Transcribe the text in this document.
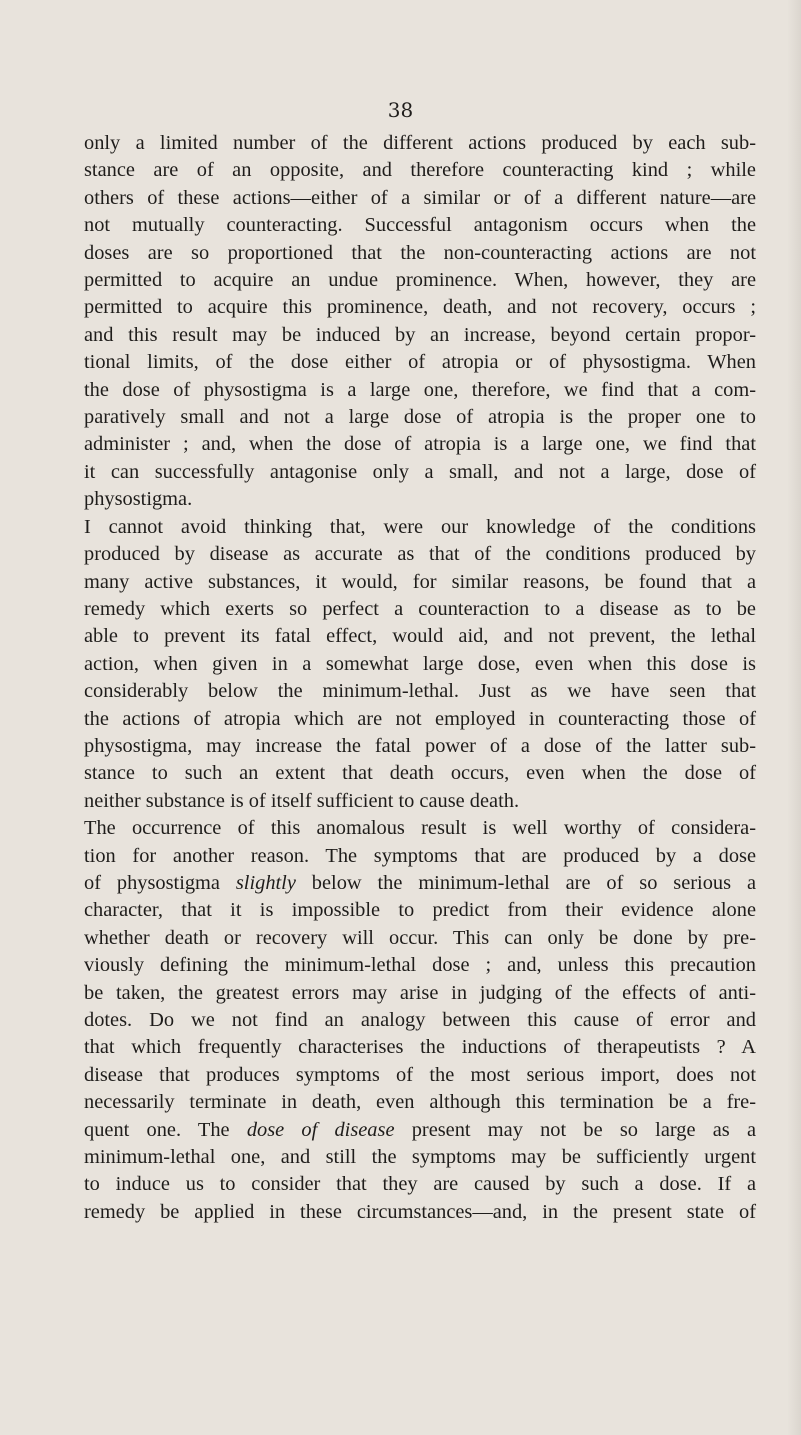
38
only a limited number of the different actions produced by each sub-
stance are of an opposite, and therefore counteracting kind ; while
others of these actions—either of a similar or of a different nature—are
not mutually counteracting. Successful antagonism occurs when the
doses are so proportioned that the non-counteracting actions are not
permitted to acquire an undue prominence. When, however, they are
permitted to acquire this prominence, death, and not recovery, occurs ;
and this result may be induced by an increase, beyond certain propor-
tional limits, of the dose either of atropia or of physostigma. When
the dose of physostigma is a large one, therefore, we find that a com-
paratively small and not a large dose of atropia is the proper one to
administer ; and, when the dose of atropia is a large one, we find that
it can successfully antagonise only a small, and not a large, dose of
physostigma.
I cannot avoid thinking that, were our knowledge of the conditions
produced by disease as accurate as that of the conditions produced by
many active substances, it would, for similar reasons, be found that a
remedy which exerts so perfect a counteraction to a disease as to be
able to prevent its fatal effect, would aid, and not prevent, the lethal
action, when given in a somewhat large dose, even when this dose is
considerably below the minimum-lethal. Just as we have seen that
the actions of atropia which are not employed in counteracting those of
physostigma, may increase the fatal power of a dose of the latter sub-
stance to such an extent that death occurs, even when the dose of
neither substance is of itself sufficient to cause death.
The occurrence of this anomalous result is well worthy of considera-
tion for another reason. The symptoms that are produced by a dose
of physostigma slightly below the minimum-lethal are of so serious a
character, that it is impossible to predict from their evidence alone
whether death or recovery will occur. This can only be done by pre-
viously defining the minimum-lethal dose ; and, unless this precaution
be taken, the greatest errors may arise in judging of the effects of anti-
dotes. Do we not find an analogy between this cause of error and
that which frequently characterises the inductions of therapeutists ? A
disease that produces symptoms of the most serious import, does not
necessarily terminate in death, even although this termination be a fre-
quent one. The dose of disease present may not be so large as a
minimum-lethal one, and still the symptoms may be sufficiently urgent
to induce us to consider that they are caused by such a dose. If a
remedy be applied in these circumstances—and, in the present state of
